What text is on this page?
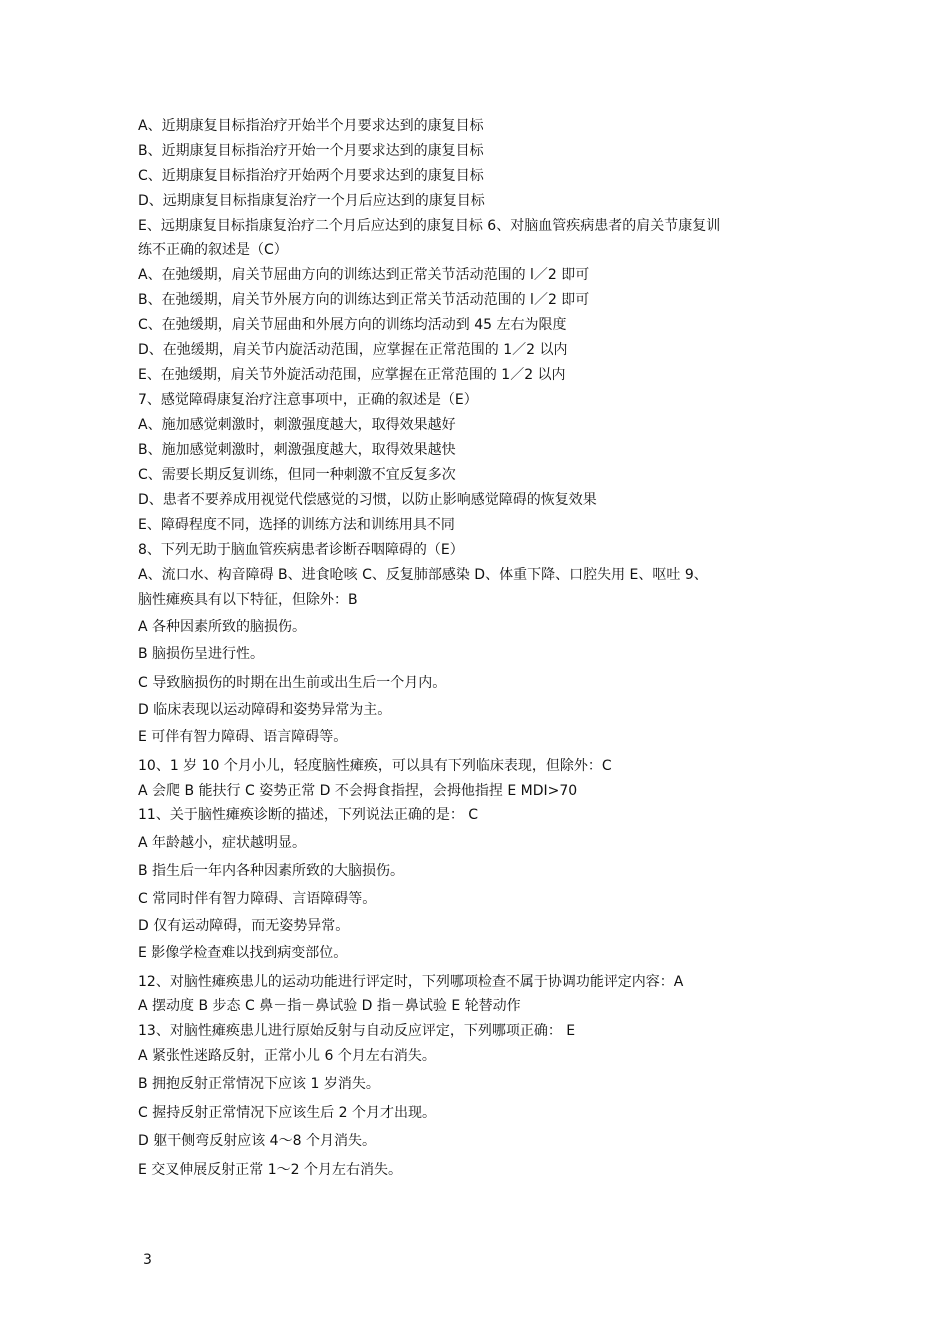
A、近期康复目标指治疗开始半个月要求达到的康复目标
B、近期康复目标指治疗开始一个月要求达到的康复目标
C、近期康复目标指治疗开始两个月要求达到的康复目标
D、远期康复目标指康复治疗一个月后应达到的康复目标
E、远期康复目标指康复治疗二个月后应达到的康复目标 6、对脑血管疾病患者的肩关节康复训
练不正确的叙述是（C）
A、在弛缓期，肩关节屈曲方向的训练达到正常关节活动范围的 l／2 即可
B、在弛缓期，肩关节外展方向的训练达到正常关节活动范围的 l／2 即可
C、在弛缓期，肩关节屈曲和外展方向的训练均活动到 45 左右为限度
D、在弛缓期，肩关节内旋活动范围，应掌握在正常范围的 1／2 以内
E、在弛缓期，肩关节外旋活动范围，应掌握在正常范围的 1／2 以内
7、感觉障碍康复治疗注意事项中，正确的叙述是（E）
A、施加感觉刺激时，刺激强度越大，取得效果越好
B、施加感觉刺激时，刺激强度越大，取得效果越快
C、需要长期反复训练，但同一种刺激不宜反复多次
D、患者不要养成用视觉代偿感觉的习惯，以防止影响感觉障碍的恢复效果
E、障碍程度不同，选择的训练方法和训练用具不同
8、下列无助于脑血管疾病患者诊断吞咽障碍的（E）
A、流口水、构音障碍 B、进食呛咳 C、反复肺部感染 D、体重下降、口腔失用 E、呕吐 9、
脑性瘫痪具有以下特征，但除外：B
A 各种因素所致的脑损伤。
B 脑损伤呈进行性。
C 导致脑损伤的时期在出生前或出生后一个月内。
D 临床表现以运动障碍和姿势异常为主。
E 可伴有智力障碍、语言障碍等。
10、1 岁 10 个月小儿，轻度脑性瘫痪，可以具有下列临床表现，但除外：C
A 会爬 B 能扶行 C 姿势正常 D 不会拇食指捏，会拇他指捏 E MDI>70
11、关于脑性瘫痪诊断的描述，下列说法正确的是： C
A 年龄越小，症状越明显。
B 指生后一年内各种因素所致的大脑损伤。
C 常同时伴有智力障碍、言语障碍等。
D 仅有运动障碍，而无姿势异常。
E 影像学检查难以找到病变部位。
12、对脑性瘫痪患儿的运动功能进行评定时，下列哪项检查不属于协调功能评定内容：A
A 摆动度 B 步态 C 鼻－指－鼻试验 D 指－鼻试验 E 轮替动作
13、对脑性瘫痪患儿进行原始反射与自动反应评定，下列哪项正确： E
A 紧张性迷路反射，正常小儿 6 个月左右消失。
B 拥抱反射正常情况下应该 1 岁消失。
C 握持反射正常情况下应该生后 2 个月才出现。
D 躯干侧弯反射应该 4～8 个月消失。
E 交叉伸展反射正常 1～2 个月左右消失。
3
